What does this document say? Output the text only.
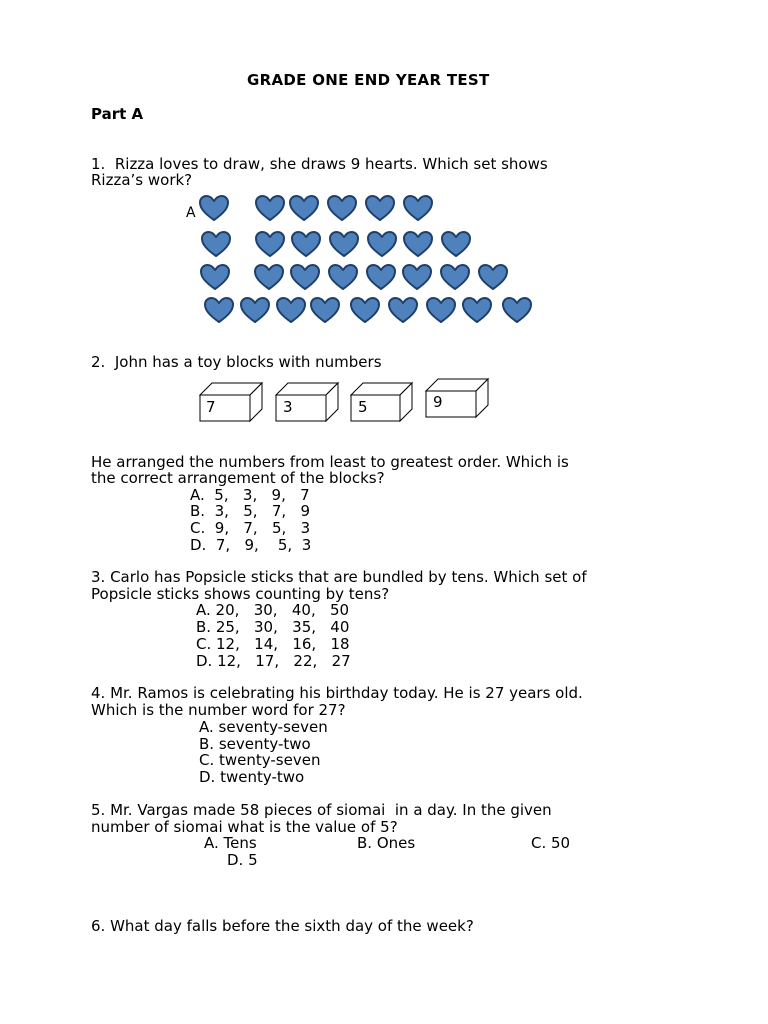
GRADE ONE END YEAR TEST
Part A
1.  Rizza loves to draw, she draws 9 hearts. Which set shows
Rizza’s work?
A
2.  John has a toy blocks with numbers
7	3	5	9
He arranged the numbers from least to greatest order. Which is
the correct arrangement of the blocks?
A.  5,   3,   9,   7
B.  3,   5,   7,   9
C.  9,   7,   5,   3
D.  7,   9,    5,  3
3. Carlo has Popsicle sticks that are bundled by tens. Which set of
Popsicle sticks shows counting by tens?
A. 20,   30,   40,   50
B. 25,   30,   35,   40
C. 12,   14,   16,   18
D. 12,   17,   22,   27
4. Mr. Ramos is celebrating his birthday today. He is 27 years old.
Which is the number word for 27?
A. seventy-seven
B. seventy-two
C. twenty-seven
D. twenty-two
5. Mr. Vargas made 58 pieces of siomai  in a day. In the given
number of siomai what is the value of 5?
A. Tens	B. Ones	C. 50
D. 5
6. What day falls before the sixth day of the week?
